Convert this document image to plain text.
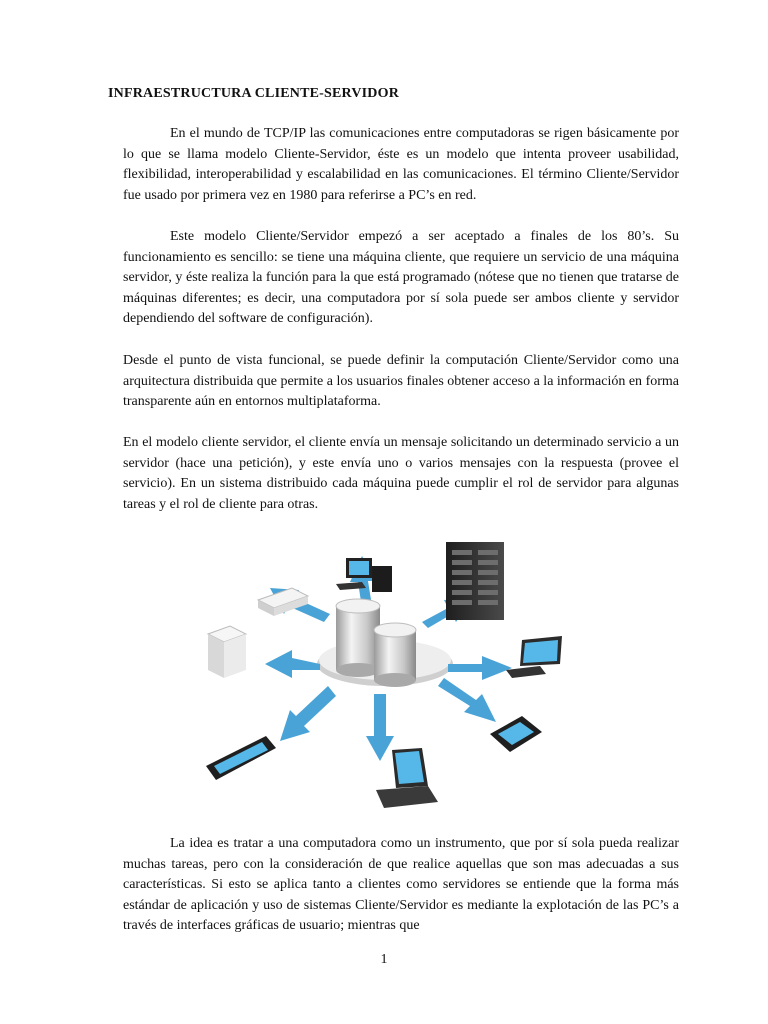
INFRAESTRUCTURA CLIENTE-SERVIDOR
En el mundo de TCP/IP las comunicaciones entre computadoras se rigen básicamente por lo que se llama modelo Cliente-Servidor, éste es un modelo que intenta proveer usabilidad, flexibilidad, interoperabilidad y escalabilidad en las comunicaciones. El término Cliente/Servidor fue usado por primera vez en 1980 para referirse a PC’s en red.
Este modelo Cliente/Servidor empezó a ser aceptado a finales de los 80’s. Su funcionamiento es sencillo: se tiene una máquina cliente, que requiere un servicio de una máquina servidor, y éste realiza la función para la que está programado (nótese que no tienen que tratarse de máquinas diferentes; es decir, una computadora por sí sola puede ser ambos cliente y servidor dependiendo del software de configuración).
Desde el punto de vista funcional, se puede definir la computación Cliente/Servidor como una arquitectura distribuida que permite a los usuarios finales obtener acceso a la información en forma transparente aún en entornos multiplataforma.
En el modelo cliente servidor, el cliente envía un mensaje solicitando un determinado servicio a un servidor (hace una petición), y este envía uno o varios mensajes con la respuesta (provee el servicio). En un sistema distribuido cada máquina puede cumplir el rol de servidor para algunas tareas y el rol de cliente para otras.
La idea es tratar a una computadora como un instrumento, que por sí sola pueda realizar muchas tareas, pero con la consideración de que realice aquellas que son mas adecuadas a sus características. Si esto se aplica tanto a clientes como servidores se entiende que la forma más estándar de aplicación y uso de sistemas Cliente/Servidor es mediante la explotación de las PC’s a través de interfaces gráficas de usuario; mientras que
1
